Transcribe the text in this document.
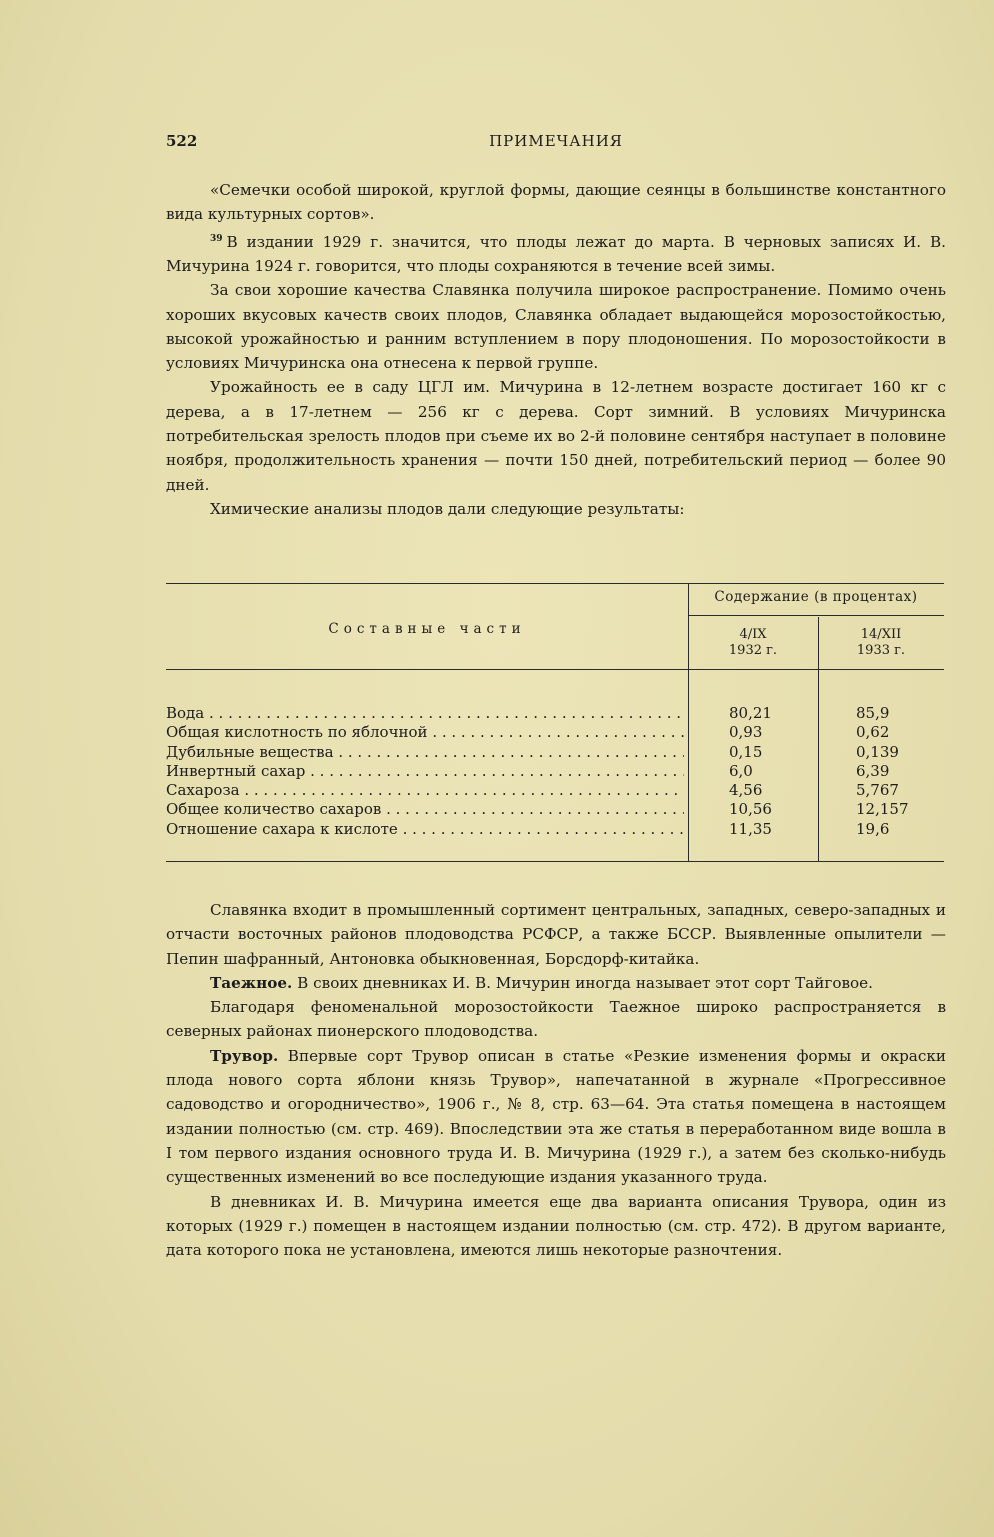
522	ПРИМЕЧАНИЯ

«Семечки особой широкой, круглой формы, дающие сеянцы в большинстве константного вида культурных сортов».

$^{39}$ В издании 1929 г. значится, что плоды лежат до марта. В черновых записях И. В. Мичурина 1924 г. говорится, что плоды сохраняются в течение всей зимы.

За свои хорошие качества Славянка получила широкое распространение. Помимо очень хороших вкусовых качеств своих плодов, Славянка обладает выдающейся морозостойкостью, высокой урожайностью и ранним вступлением в пору плодоношения. По морозостойкости в условиях Мичуринска она отнесена к первой группе.

Урожайность ее в саду ЦГЛ им. Мичурина в 12-летнем возрасте достигает 160 кг с дерева, а в 17-летнем — 256 кг с дерева. Сорт зимний. В условиях Мичуринска потребительская зрелость плодов при съеме их во 2-й половине сентября наступает в половине ноября, продолжительность хранения — почти 150 дней, потребительский период — более 90 дней.

Химические анализы плодов дали следующие результаты:

Составные части
Содержание (в процентах)
4/IX
1932 г.
14/XII
1933 г.
Вода . . .	80,21	85,9
Общая кислотность по яблочной . . .	0,93	0,62
Дубильные вещества . . .	0,15	0,139
Инвертный сахар . . .	6,0	6,39
Сахароза . . .	4,56	5,767
Общее количество сахаров . . .	10,56	12,157
Отношение сахара к кислоте . . .	11,35	19,6

Славянка входит в промышленный сортимент центральных, западных, северо-западных и отчасти восточных районов плодоводства РСФСР, а также БССР. Выявленные опылители — Пепин шафранный, Антоновка обыкновенная, Борсдорф-китайка.

Таежное. В своих дневниках И. В. Мичурин иногда называет этот сорт Тайговое.

Благодаря феноменальной морозостойкости Таежное широко распространяется в северных районах пионерского плодоводства.

Трувор. Впервые сорт Трувор описан в статье «Резкие изменения формы и окраски плода нового сорта яблони князь Трувор», напечатанной в журнале «Прогрессивное садоводство и огородничество», 1906 г., № 8, стр. 63—64. Эта статья помещена в настоящем издании полностью (см. стр. 469). Впоследствии эта же статья в переработанном виде вошла в I том первого издания основного труда И. В. Мичурина (1929 г.), а затем без сколько-нибудь существенных изменений во все последующие издания указанного труда.

В дневниках И. В. Мичурина имеется еще два варианта описания Трувора, один из которых (1929 г.) помещен в настоящем издании полностью (см. стр. 472). В другом варианте, дата которого пока не установлена, имеются лишь некоторые разночтения.
